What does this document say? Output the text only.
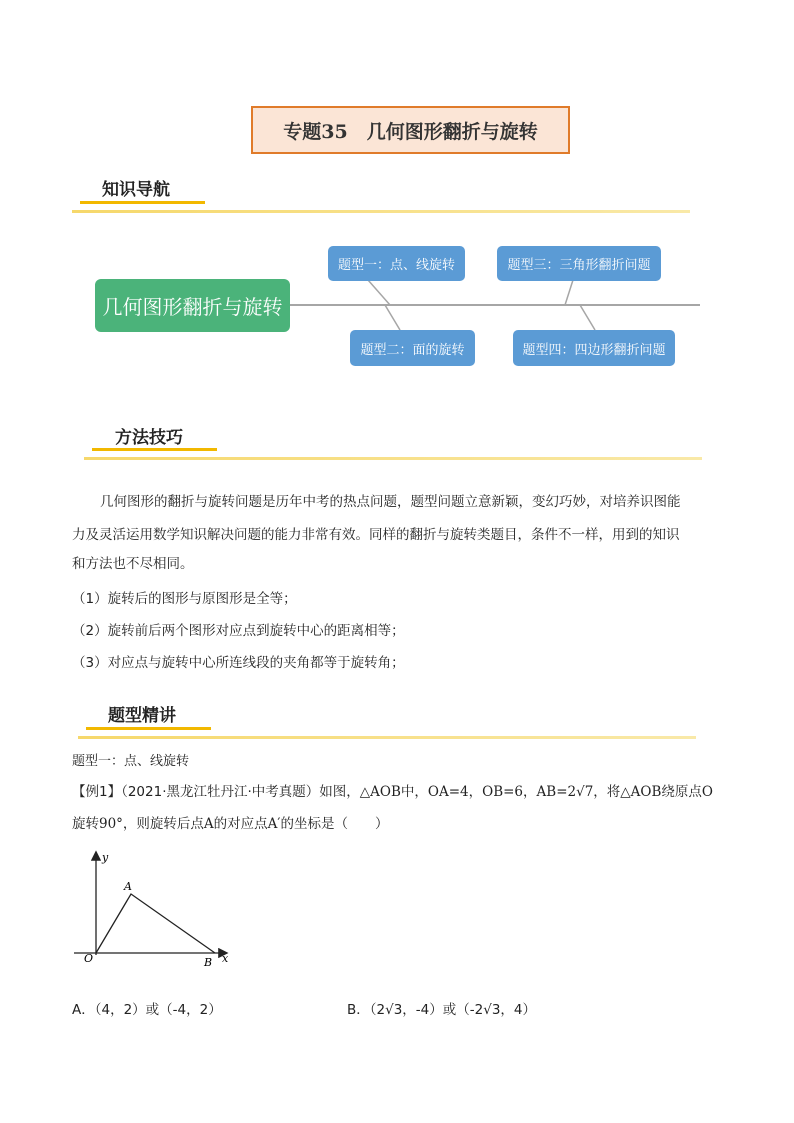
专题35　几何图形翻折与旋转
知识导航
几何图形翻折与旋转
题型一：点、线旋转
题型二：面的旋转
题型三：三角形翻折问题
题型四：四边形翻折问题
方法技巧
几何图形的翻折与旋转问题是历年中考的热点问题，题型问题立意新颖，变幻巧妙，对培养识图能
力及灵活运用数学知识解决问题的能力非常有效。同样的翻折与旋转类题目，条件不一样，用到的知识
和方法也不尽相同。
（1）旋转后的图形与原图形是全等；
（2）旋转前后两个图形对应点到旋转中心的距离相等；
（3）对应点与旋转中心所连线段的夹角都等于旋转角；
题型精讲
题型一：点、线旋转
【例1】（2021·黑龙江牡丹江·中考真题）如图，△AOB中，OA=4，OB=6，AB=2√7，将△AOB绕原点O
旋转90°，则旋转后点A的对应点A′的坐标是（　　）
y
x
O
A
B
A．（4，2）或（-4，2）	B．（2√3，-4）或（-2√3，4）
